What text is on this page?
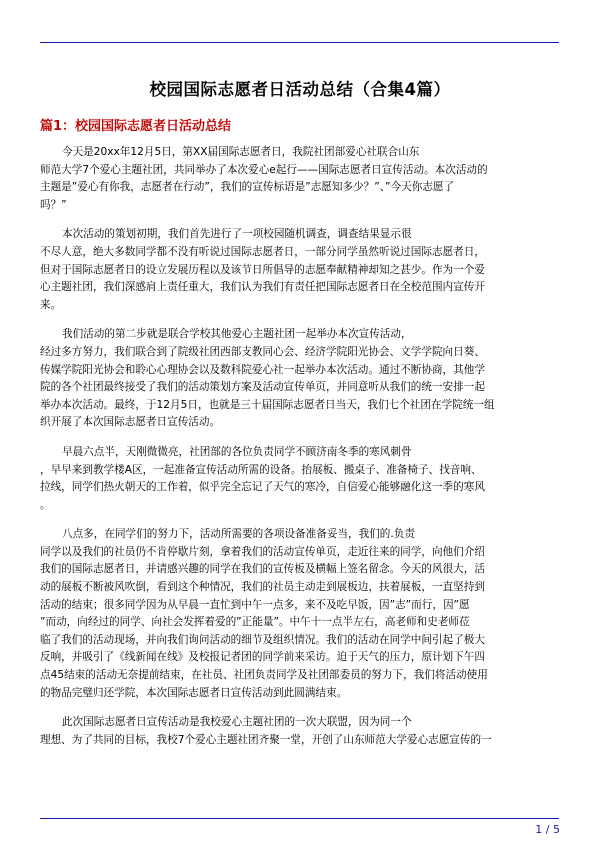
校园国际志愿者日活动总结（合集4篇）
篇1：校园国际志愿者日活动总结

今天是20xx年12月5日，第XX届国际志愿者日，我院社团部爱心社联合山东
师范大学7个爱心主题社团，共同举办了本次爱心e起行——国际志愿者日宣传活动。本次活动的
主题是”爱心有你我，志愿者在行动”，我们的宣传标语是”志愿知多少？”、”今天你志愿了
吗？”

本次活动的策划初期，我们首先进行了一项校园随机调查，调查结果显示很
不尽人意，绝大多数同学都不没有听说过国际志愿者日，一部分同学虽然听说过国际志愿者日，
但对于国际志愿者日的设立发展历程以及该节日所倡导的志愿奉献精神却知之甚少。作为一个爱
心主题社团，我们深感肩上责任重大，我们认为我们有责任把国际志愿者日在全校范围内宣传开
来。

我们活动的第二步就是联合学校其他爱心主题社团一起举办本次宣传活动，
经过多方努力，我们联合到了院级社团西部支教同心会、经济学院阳光协会、文学学院向日葵、
传媒学院阳光协会和聆心心理协会以及数科院爱心社一起举办本次活动。通过不断协商，其他学
院的各个社团最终接受了我们的活动策划方案及活动宣传单页，并同意听从我们的统一安排一起
举办本次活动。最终，于12月5日，也就是三十届国际志愿者日当天，我们七个社团在学院统一组
织开展了本次国际志愿者日宣传活动。

早晨六点半，天刚微微亮，社团部的各位负责同学不顾济南冬季的寒风刺骨
，早早来到教学楼A区，一起准备宣传活动所需的设备。抬展板、搬桌子、准备椅子、找音响、
拉线，同学们热火朝天的工作着，似乎完全忘记了天气的寒冷，自信爱心能够融化这一季的寒风
。

八点多，在同学们的努力下，活动所需要的各项设备准备妥当，我们的.负责
同学以及我们的社员仍不肯停歇片刻，拿着我们的活动宣传单页，走近往来的同学，向他们介绍
我们的国际志愿者日，并请感兴趣的同学在我们的宣传板及横幅上签名留念。今天的风很大，活
动的展板不断被风吹倒，看到这个种情况，我们的社员主动走到展板边，扶着展板，一直坚持到
活动的结束；很多同学因为从早晨一直忙到中午一点多，来不及吃早饭，因”志”而行，因”愿
”而动，向经过的同学、向社会发挥着爱的”正能量”。中午十一点半左右，高老师和史老师莅
临了我们的活动现场，并向我们询问活动的细节及组织情况。我们的活动在同学中间引起了极大
反响，并吸引了《线新闻在线》及校报记者团的同学前来采访。迫于天气的压力，原计划下午四
点45结束的活动无奈提前结束，在社员、社团负责同学及社团部委员的努力下，我们将活动使用
的物品完璧归还学院，本次国际志愿者日宣传活动到此圆满结束。

此次国际志愿者日宣传活动是我校爱心主题社团的一次大联盟，因为同一个
理想、为了共同的目标，我校7个爱心主题社团齐聚一堂，开创了山东师范大学爱心志愿宣传的一

1 / 5
